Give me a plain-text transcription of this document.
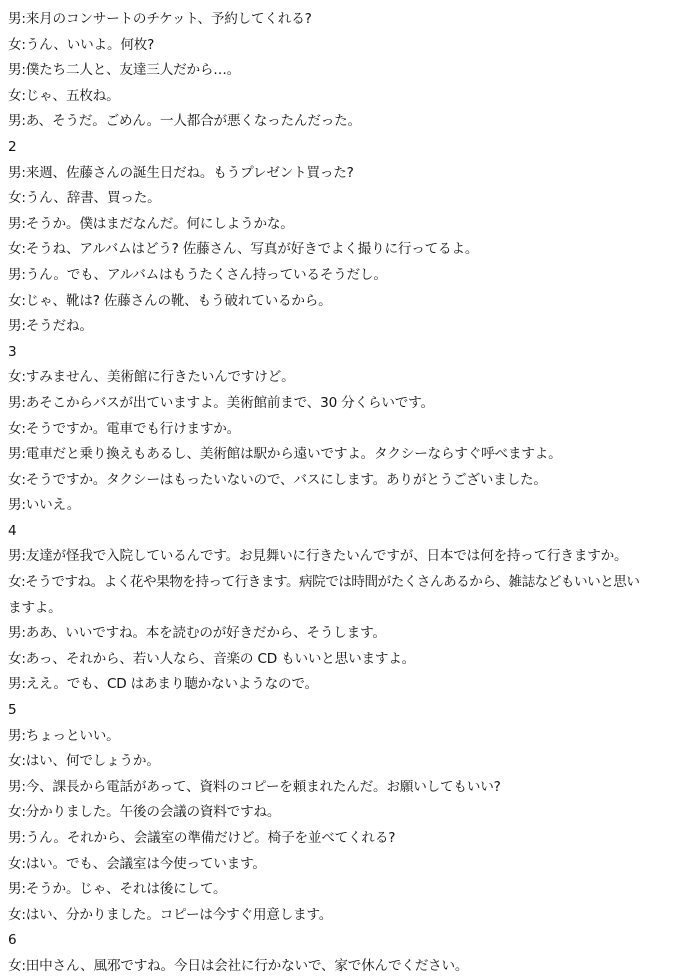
男:来月のコンサートのチケット、予約してくれる?
女:うん、いいよ。何枚?
男:僕たち二人と、友達三人だから…。
女:じゃ、五枚ね。
男:あ、そうだ。ごめん。一人都合が悪くなったんだった。
2
男:来週、佐藤さんの誕生日だね。もうプレゼント買った?
女:うん、辞書、買った。
男:そうか。僕はまだなんだ。何にしようかな。
女:そうね、アルバムはどう? 佐藤さん、写真が好きでよく撮りに行ってるよ。
男:うん。でも、アルバムはもうたくさん持っているそうだし。
女:じゃ、靴は? 佐藤さんの靴、もう破れているから。
男:そうだね。
3
女:すみません、美術館に行きたいんですけど。
男:あそこからバスが出ていますよ。美術館前まで、30 分くらいです。
女:そうですか。電車でも行けますか。
男:電車だと乗り換えもあるし、美術館は駅から遠いですよ。タクシーならすぐ呼べますよ。
女:そうですか。タクシーはもったいないので、バスにします。ありがとうございました。
男:いいえ。
4
男:友達が怪我で入院しているんです。お見舞いに行きたいんですが、日本では何を持って行きますか。
女:そうですね。よく花や果物を持って行きます。病院では時間がたくさんあるから、雑誌などもいいと思い
ますよ。
男:ああ、いいですね。本を読むのが好きだから、そうします。
女:あっ、それから、若い人なら、音楽の CD もいいと思いますよ。
男:ええ。でも、CD はあまり聴かないようなので。
5
男:ちょっといい。
女:はい、何でしょうか。
男:今、課長から電話があって、資料のコピーを頼まれたんだ。お願いしてもいい?
女:分かりました。午後の会議の資料ですね。
男:うん。それから、会議室の準備だけど。椅子を並べてくれる?
女:はい。でも、会議室は今使っています。
男:そうか。じゃ、それは後にして。
女:はい、分かりました。コピーは今すぐ用意します。
6
女:田中さん、風邪ですね。今日は会社に行かないで、家で休んでください。
